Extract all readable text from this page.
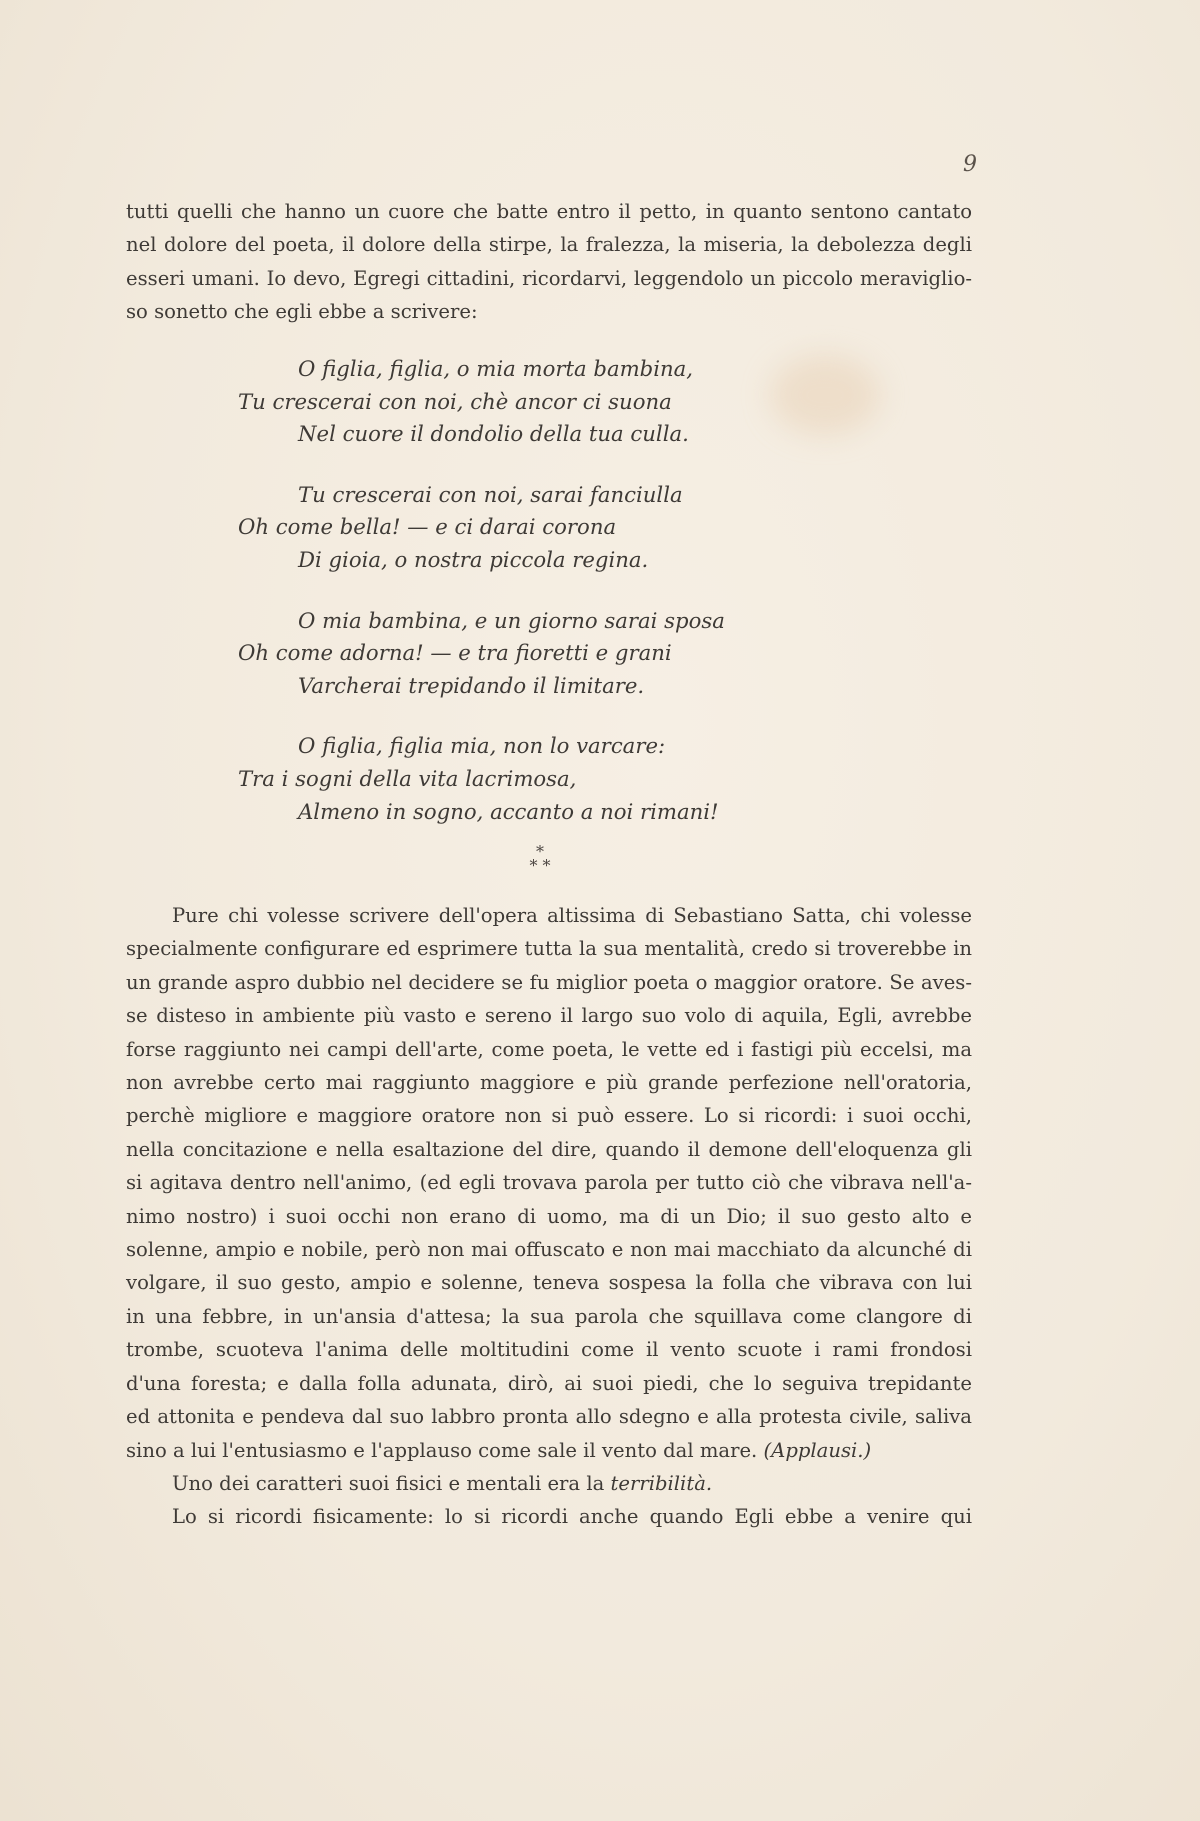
9

tutti quelli che hanno un cuore che batte entro il petto, in quanto sentono cantato

nel dolore del poeta, il dolore della stirpe, la fralezza, la miseria, la debolezza degli

esseri umani. Io devo, Egregi cittadini, ricordarvi, leggendolo un piccolo meraviglio-

so sonetto che egli ebbe a scrivere:

O figlia, figlia, o mia morta bambina,
Tu crescerai con noi, chè ancor ci suona
Nel cuore il dondolio della tua culla.
Tu crescerai con noi, sarai fanciulla
Oh come bella! — e ci darai corona
Di gioia, o nostra piccola regina.
O mia bambina, e un giorno sarai sposa
Oh come adorna! — e tra fioretti e grani
Varcherai trepidando il limitare.
O figlia, figlia mia, non lo varcare:
Tra i sogni della vita lacrimosa,
Almeno in sogno, accanto a noi rimani!
*
* *

Pure chi volesse scrivere dell'opera altissima di Sebastiano Satta, chi volesse

specialmente configurare ed esprimere tutta la sua mentalità, credo si troverebbe in

un grande aspro dubbio nel decidere se fu miglior poeta o maggior oratore. Se aves-

se disteso in ambiente più vasto e sereno il largo suo volo di aquila, Egli, avrebbe

forse raggiunto nei campi dell'arte, come poeta, le vette ed i fastigi più eccelsi, ma

non avrebbe certo mai raggiunto maggiore e più grande perfezione nell'oratoria,

perchè migliore e maggiore oratore non si può essere. Lo si ricordi: i suoi occhi,

nella concitazione e nella esaltazione del dire, quando il demone dell'eloquenza gli

si agitava dentro nell'animo, (ed egli trovava parola per tutto ciò che vibrava nell'a-

nimo nostro) i suoi occhi non erano di uomo, ma di un Dio; il suo gesto alto e

solenne, ampio e nobile, però non mai offuscato e non mai macchiato da alcunché di

volgare, il suo gesto, ampio e solenne, teneva sospesa la folla che vibrava con lui

in una febbre, in un'ansia d'attesa; la sua parola che squillava come clangore di

trombe, scuoteva l'anima delle moltitudini come il vento scuote i rami frondosi

d'una foresta; e dalla folla adunata, dirò, ai suoi piedi, che lo seguiva trepidante

ed attonita e pendeva dal suo labbro pronta allo sdegno e alla protesta civile, saliva

sino a lui l'entusiasmo e l'applauso come sale il vento dal mare. (Applausi.)

Uno dei caratteri suoi fisici e mentali era la terribilità.

Lo si ricordi fisicamente: lo si ricordi anche quando Egli ebbe a venire qui
